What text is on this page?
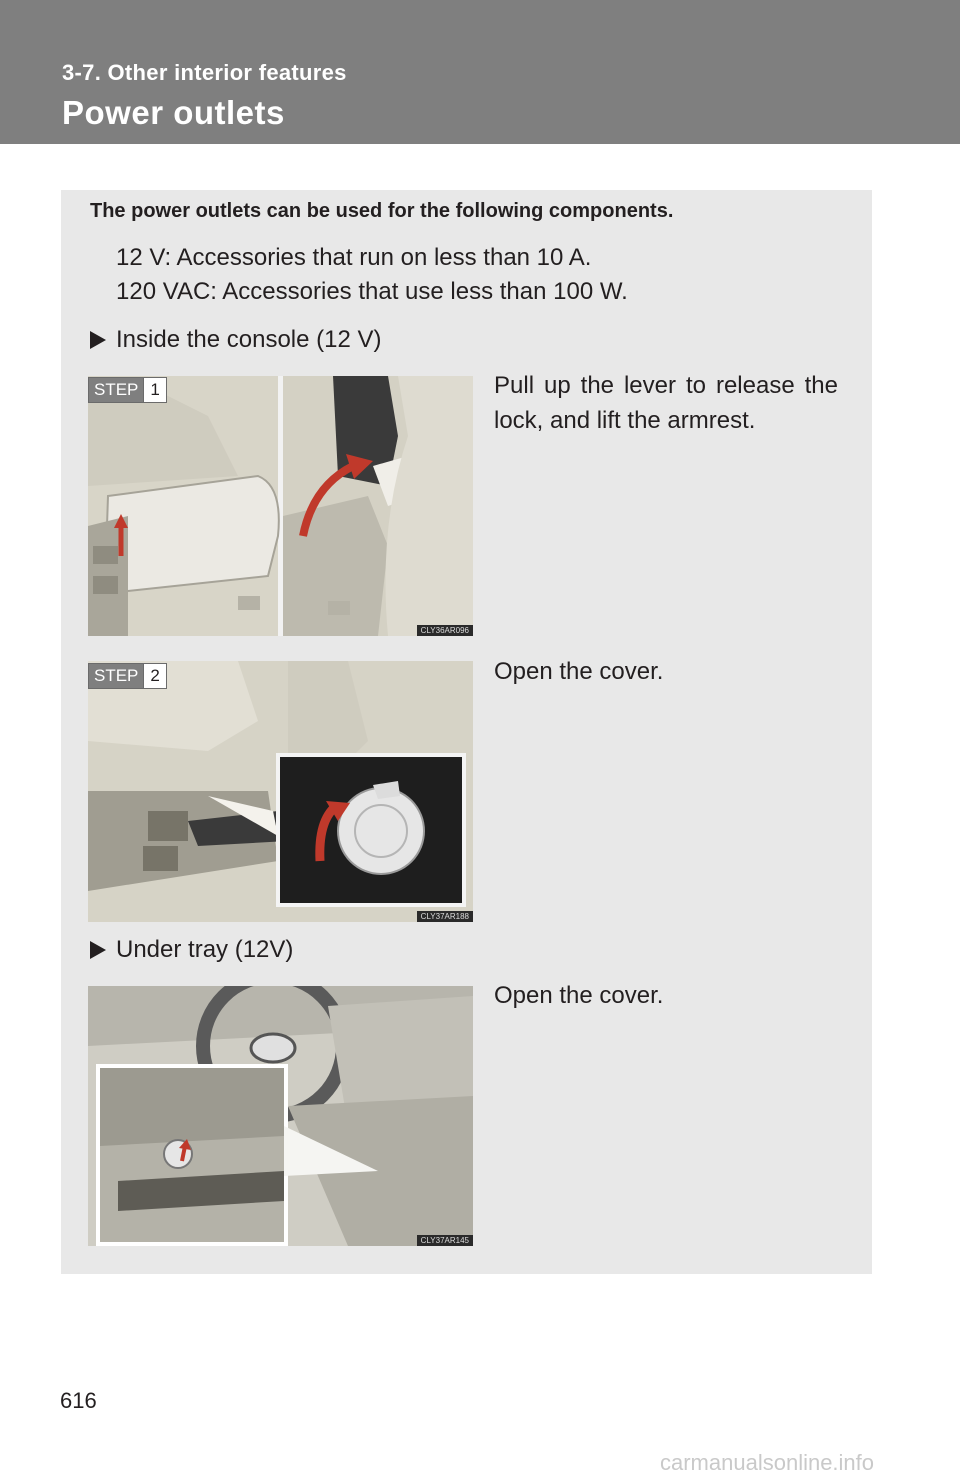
3-7. Other interior features
Power outlets
The power outlets can be used for the following components.
12 V: Accessories that run on less than 10 A.
120 VAC: Accessories that use less than 100 W.
Inside the console (12 V)
CLY36AR096
STEP 1	Pull up the lever to release the lock, and lift the armrest.
CLY37AR188
STEP 2	Open the cover.
Under tray (12V)
CLY37AR145
Open the cover.
616
carmanualsonline.info
